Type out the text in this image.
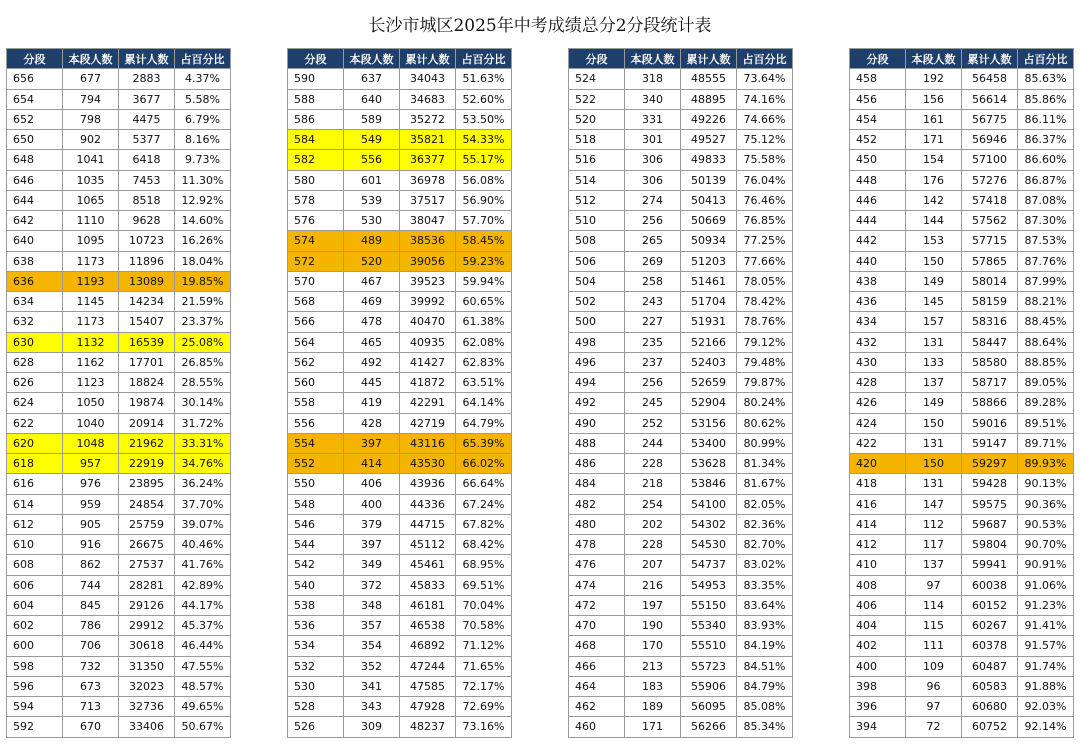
长沙市城区2025年中考成绩总分2分段统计表
分段	本段人数	累计人数	占百分比
656	677	2883	4.37%
654	794	3677	5.58%
652	798	4475	6.79%
650	902	5377	8.16%
648	1041	6418	9.73%
646	1035	7453	11.30%
644	1065	8518	12.92%
642	1110	9628	14.60%
640	1095	10723	16.26%
638	1173	11896	18.04%
636	1193	13089	19.85%
634	1145	14234	21.59%
632	1173	15407	23.37%
630	1132	16539	25.08%
628	1162	17701	26.85%
626	1123	18824	28.55%
624	1050	19874	30.14%
622	1040	20914	31.72%
620	1048	21962	33.31%
618	957	22919	34.76%
616	976	23895	36.24%
614	959	24854	37.70%
612	905	25759	39.07%
610	916	26675	40.46%
608	862	27537	41.76%
606	744	28281	42.89%
604	845	29126	44.17%
602	786	29912	45.37%
600	706	30618	46.44%
598	732	31350	47.55%
596	673	32023	48.57%
594	713	32736	49.65%
592	670	33406	50.67%
分段	本段人数	累计人数	占百分比
590	637	34043	51.63%
588	640	34683	52.60%
586	589	35272	53.50%
584	549	35821	54.33%
582	556	36377	55.17%
580	601	36978	56.08%
578	539	37517	56.90%
576	530	38047	57.70%
574	489	38536	58.45%
572	520	39056	59.23%
570	467	39523	59.94%
568	469	39992	60.65%
566	478	40470	61.38%
564	465	40935	62.08%
562	492	41427	62.83%
560	445	41872	63.51%
558	419	42291	64.14%
556	428	42719	64.79%
554	397	43116	65.39%
552	414	43530	66.02%
550	406	43936	66.64%
548	400	44336	67.24%
546	379	44715	67.82%
544	397	45112	68.42%
542	349	45461	68.95%
540	372	45833	69.51%
538	348	46181	70.04%
536	357	46538	70.58%
534	354	46892	71.12%
532	352	47244	71.65%
530	341	47585	72.17%
528	343	47928	72.69%
526	309	48237	73.16%
分段	本段人数	累计人数	占百分比
524	318	48555	73.64%
522	340	48895	74.16%
520	331	49226	74.66%
518	301	49527	75.12%
516	306	49833	75.58%
514	306	50139	76.04%
512	274	50413	76.46%
510	256	50669	76.85%
508	265	50934	77.25%
506	269	51203	77.66%
504	258	51461	78.05%
502	243	51704	78.42%
500	227	51931	78.76%
498	235	52166	79.12%
496	237	52403	79.48%
494	256	52659	79.87%
492	245	52904	80.24%
490	252	53156	80.62%
488	244	53400	80.99%
486	228	53628	81.34%
484	218	53846	81.67%
482	254	54100	82.05%
480	202	54302	82.36%
478	228	54530	82.70%
476	207	54737	83.02%
474	216	54953	83.35%
472	197	55150	83.64%
470	190	55340	83.93%
468	170	55510	84.19%
466	213	55723	84.51%
464	183	55906	84.79%
462	189	56095	85.08%
460	171	56266	85.34%
分段	本段人数	累计人数	占百分比
458	192	56458	85.63%
456	156	56614	85.86%
454	161	56775	86.11%
452	171	56946	86.37%
450	154	57100	86.60%
448	176	57276	86.87%
446	142	57418	87.08%
444	144	57562	87.30%
442	153	57715	87.53%
440	150	57865	87.76%
438	149	58014	87.99%
436	145	58159	88.21%
434	157	58316	88.45%
432	131	58447	88.64%
430	133	58580	88.85%
428	137	58717	89.05%
426	149	58866	89.28%
424	150	59016	89.51%
422	131	59147	89.71%
420	150	59297	89.93%
418	131	59428	90.13%
416	147	59575	90.36%
414	112	59687	90.53%
412	117	59804	90.70%
410	137	59941	90.91%
408	97	60038	91.06%
406	114	60152	91.23%
404	115	60267	91.41%
402	111	60378	91.57%
400	109	60487	91.74%
398	96	60583	91.88%
396	97	60680	92.03%
394	72	60752	92.14%
